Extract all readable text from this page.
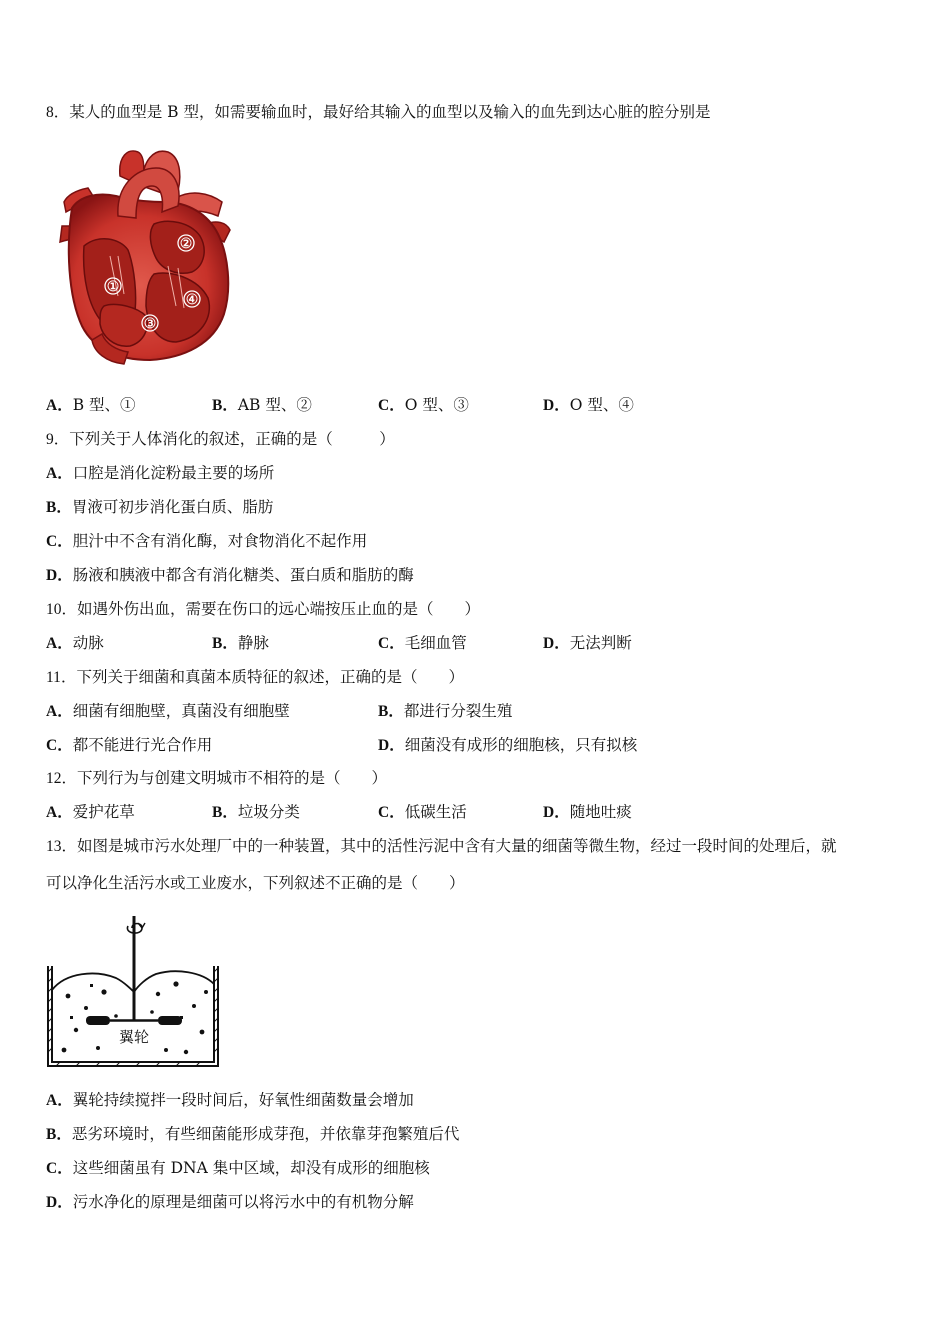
8．某人的血型是 B 型，如需要输血时，最好给其输入的血型以及输入的血先到达心脏的腔分别是
①
②
③
④
A．B 型、①	B．AB 型、②	C．O 型、③	D．O 型、④
9．下列关于人体消化的叙述，正确的是（　　　）
A．口腔是消化淀粉最主要的场所
B．胃液可初步消化蛋白质、脂肪
C．胆汁中不含有消化酶，对食物消化不起作用
D．肠液和胰液中都含有消化糖类、蛋白质和脂肪的酶
10．如遇外伤出血，需要在伤口的远心端按压止血的是（　　）
A．动脉	B．静脉	C．毛细血管	D．无法判断
11．下列关于细菌和真菌本质特征的叙述，正确的是（　　）
A．细菌有细胞壁，真菌没有细胞壁	B．都进行分裂生殖
C．都不能进行光合作用	D．细菌没有成形的细胞核，只有拟核
12．下列行为与创建文明城市不相符的是（　　）
A．爱护花草	B．垃圾分类	C．低碳生活	D．随地吐痰
13．如图是城市污水处理厂中的一种装置，其中的活性污泥中含有大量的细菌等微生物，经过一段时间的处理后，就
可以净化生活污水或工业废水，下列叙述不正确的是（　　）
翼轮
A．翼轮持续搅拌一段时间后，好氧性细菌数量会增加
B．恶劣环境时，有些细菌能形成芽孢，并依靠芽孢繁殖后代
C．这些细菌虽有 DNA 集中区域，却没有成形的细胞核
D．污水净化的原理是细菌可以将污水中的有机物分解
